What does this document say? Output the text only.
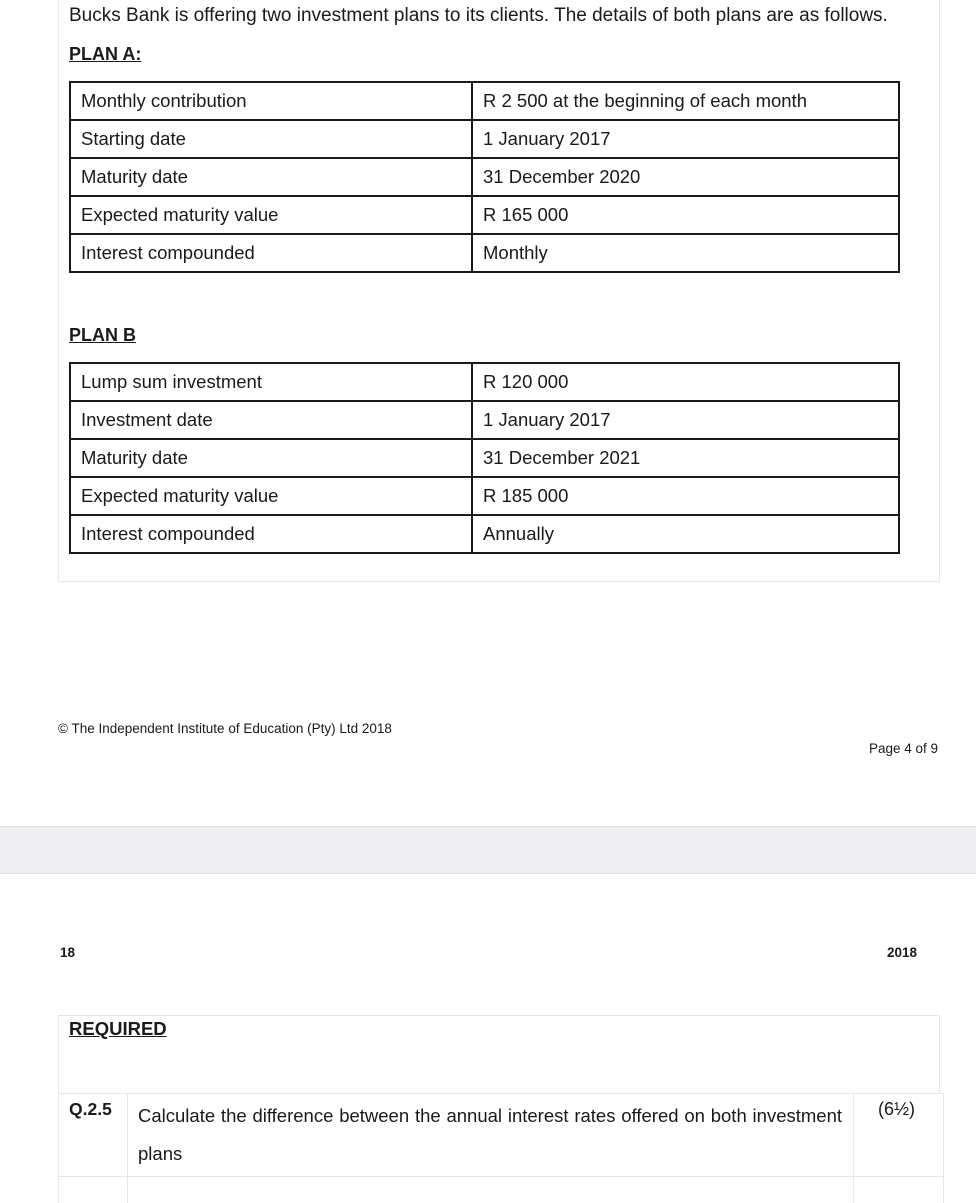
Bucks Bank is offering two investment plans to its clients. The details of both plans are as follows.
PLAN A:
Monthly contribution	R 2 500 at the beginning of each month
Starting date	1 January 2017
Maturity date	31 December 2020
Expected maturity value	R 165 000
Interest compounded	Monthly
PLAN B
Lump sum investment	R 120 000
Investment date	1 January 2017
Maturity date	31 December 2021
Expected maturity value	R 185 000
Interest compounded	Annually
© The Independent Institute of Education (Pty) Ltd 2018
Page 4 of 9
18	2018
REQUIRED
Q.2.5 Calculate the difference between the annual interest rates offered on both investment plans
(6½)
